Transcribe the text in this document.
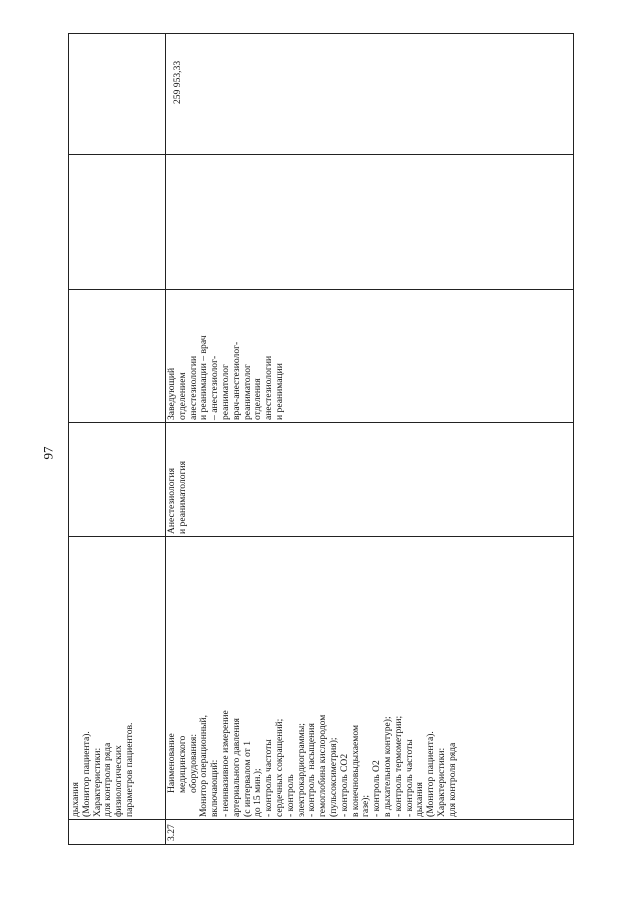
97
дыхания
(Монитор пациента).
Характеристики:
для контроля ряда
физиологических
параметров пациентов.
259 953,33
3.27
Наименование
медицинского
оборудования:
Монитор операционный,
включающий:
- неинвазивное измерение
артериального давления
(с интервалом от 1
до 15 мин.);
- контроль частоты
сердечных сокращений;
- контроль
электрокардиограммы;
- контроль  насыщения
гемоглобина кислородом
(пульсоксиметрия);
- контроль CO2
в конечновыдыхаемом
газе);
- контроль O2
в дыхательном контуре);
- контроль термометрии;
- контроль частоты
дыхания
(Монитор пациента).
Характеристики:
для контроля ряда
Анестезиология
и реаниматология
Заведующий
отделением
анестезиологии
и реанимации – врач
– анестезиолог-
реаниматолог
врач-анестезиолог-
реаниматолог
отделения
анестезиологии
и реанимации
